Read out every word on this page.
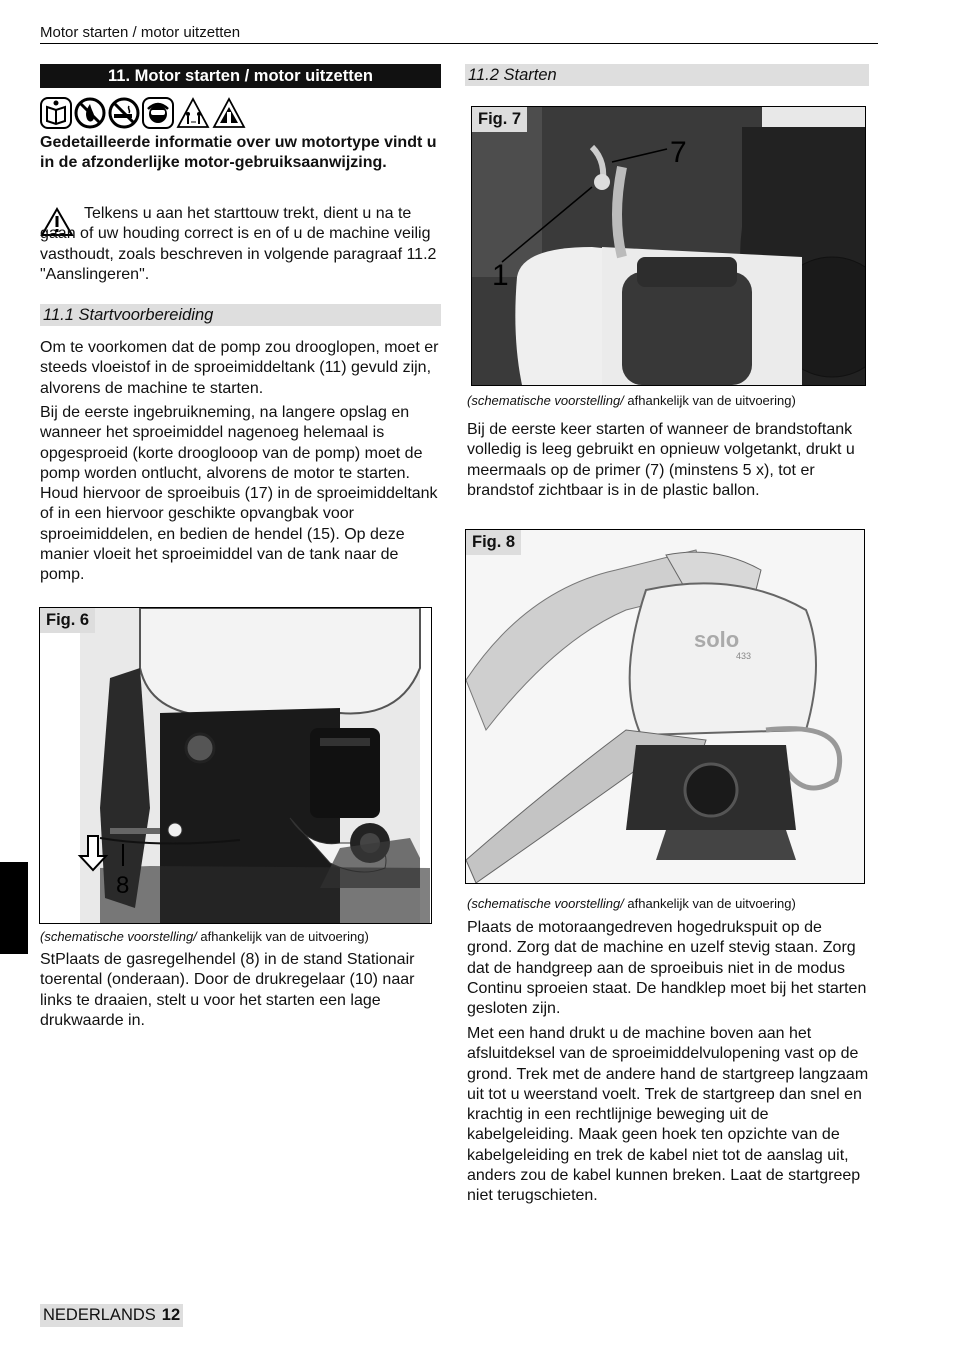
Motor starten / motor uitzetten
11. Motor starten / motor uitzetten
Gedetailleerde informatie over uw motortype vindt u in de afzonderlijke motor-gebruiksaanwijzing.
Telkens u aan het starttouw trekt, dient u na te gaan of uw houding correct is en of u de machine veilig vasthoudt, zoals beschreven in volgende paragraaf 11.2 "Aanslingeren".
11.1 Startvoorbereiding
Om te voorkomen dat de pomp zou drooglopen, moet er steeds vloeistof in de sproeimiddeltank (11) gevuld zijn, alvorens de machine te starten.
Bij de eerste ingebruikneming, na langere opslag en wanneer het sproeimiddel nagenoeg helemaal is opgesproeid (korte drooglooop van de pomp) moet de pomp worden ontlucht, alvorens de motor te starten. Houd hiervoor de sproeibuis (17) in de sproeimiddeltank of in een hiervoor geschikte opvangbak voor sproeimiddelen, en bedien de hendel (15). Op deze manier vloeit het sproeimiddel van de tank naar de pomp.
Fig. 6
8
(schematische voorstelling/ afhankelijk van de uitvoering)
StPlaats de gasregelhendel (8) in de stand Stationair toerental (onderaan). Door de drukregelaar (10) naar links te draaien, stelt u voor het starten een lage drukwaarde in.
11.2 Starten
Fig. 7
7
1
(schematische voorstelling/ afhankelijk van de uitvoering)
Bij de eerste keer starten of wanneer de brandstoftank volledig is leeg gebruikt en opnieuw volgetankt, drukt u meermaals op de primer (7) (minstens 5 x), tot er brandstof zichtbaar is in de plastic ballon.
Fig. 8
solo
433
(schematische voorstelling/ afhankelijk van de uitvoering)
Plaats de motoraangedreven hogedrukspuit op de grond. Zorg dat de machine en uzelf stevig staan. Zorg dat de handgreep aan de sproeibuis niet in de modus Continu sproeien staat. De handklep moet bij het starten gesloten zijn.
Met een hand drukt u de machine boven aan het afsluitdeksel van de sproeimiddelvulopening vast op de grond. Trek met de andere hand de startgreep langzaam uit tot u weerstand voelt. Trek de startgreep dan snel en krachtig in een rechtlijnige beweging uit de kabelgeleiding. Maak geen hoek ten opzichte van de kabelgeleiding en trek de kabel niet tot de aanslag uit, anders zou de kabel kunnen breken. Laat de startgreep niet terugschieten.
NEDERLANDS 12
